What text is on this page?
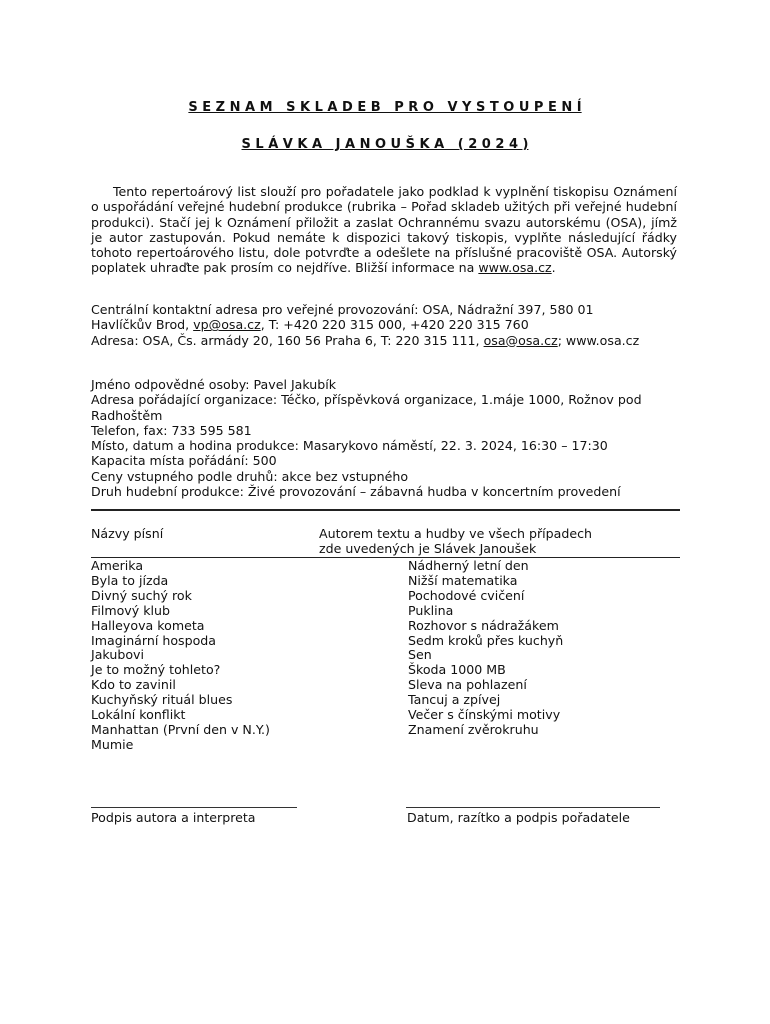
S E Z N A M   S K L A D E B   P R O   V Y S T O U P E N Í
S L Á V K A   J A N O U Š K A   ( 2 0 2 4 )

Tento repertoárový list slouží pro pořadatele jako podklad k vyplnění tiskopisu Oznámení o uspořádání veřejné hudební produkce (rubrika – Pořad skladeb užitých při veřejné hudební produkci). Stačí jej k Oznámení přiložit a zaslat Ochrannému svazu autorskému (OSA), jímž je autor zastupován. Pokud nemáte k dispozici takový tiskopis, vyplňte následující řádky tohoto repertoárového listu, dole potvrďte a odešlete na příslušné pracoviště OSA. Autorský poplatek uhraďte pak prosím co nejdříve. Bližší informace na www.osa.cz.

Centrální kontaktní adresa pro veřejné provozování: OSA, Nádražní 397, 580 01
Havlíčkův Brod, vp@osa.cz, T: +420 220 315 000, +420 220 315 760
Adresa: OSA, Čs. armády 20, 160 56 Praha 6, T: 220 315 111, osa@osa.cz; www.osa.cz
Jméno odpovědné osoby: Pavel Jakubík
Adresa pořádající organizace: Téčko, příspěvková organizace, 1.máje 1000, Rožnov pod Radhoštěm
Telefon, fax: 733 595 581
Místo, datum a hodina produkce: Masarykovo náměstí, 22. 3. 2024, 16:30 – 17:30
Kapacita místa pořádání: 500
Ceny vstupného podle druhů: akce bez vstupného
Druh hudební produkce: Živé provozování – zábavná hudba v koncertním provedení
Názvy písní	Autorem textu a hudby ve všech případech
zde uvedených je Slávek Janoušek
Amerika
Byla to jízda
Divný suchý rok
Filmový klub
Halleyova kometa
Imaginární hospoda
Jakubovi
Je to možný tohleto?
Kdo to zavinil
Kuchyňský rituál blues
Lokální konflikt
Manhattan (První den v N.Y.)
Mumie
Nádherný letní den
Nižší matematika
Pochodové cvičení
Puklina
Rozhovor s nádražákem
Sedm kroků přes kuchyň
Sen
Škoda 1000 MB
Sleva na pohlazení
Tancuj a zpívej
Večer s čínskými motivy
Znamení zvěrokruhu
Podpis autora a interpreta	Datum, razítko a podpis pořadatele
